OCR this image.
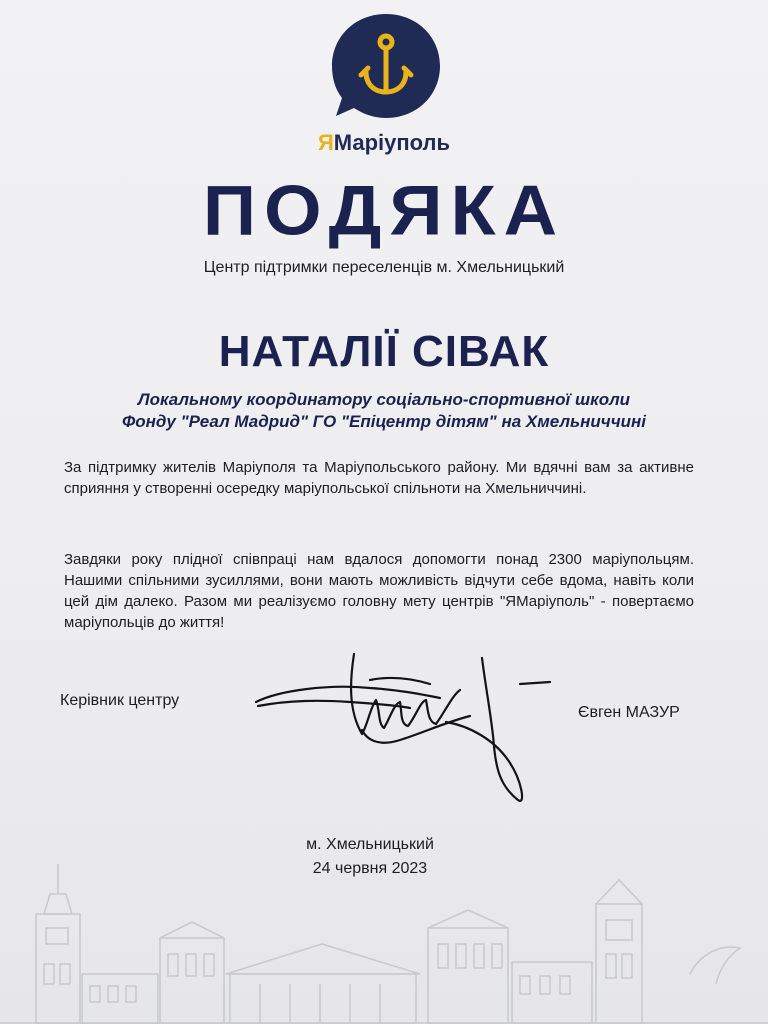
ЯМаріуполь
ПОДЯКА
Центр підтримки переселенців м. Хмельницький
НАТАЛІЇ СІВАК
Локальному координатору соціально-спортивної школи
Фонду "Реал Мадрид" ГО "Епіцентр дітям" на Хмельниччині
За підтримку жителів Маріуполя та Маріупольського району. Ми вдячні вам за активне сприяння у створенні осередку маріупольської спільноти на Хмельниччині.
Завдяки року плідної співпраці нам вдалося допомогти понад 2300 маріупольцям. Нашими спільними зусиллями, вони мають можливість відчути себе вдома, навіть коли цей дім далеко. Разом ми реалізуємо головну мету центрів "ЯМаріуполь" - повертаємо маріупольців до життя!
Керівник центру
Євген МАЗУР
м. Хмельницький
24 червня 2023
